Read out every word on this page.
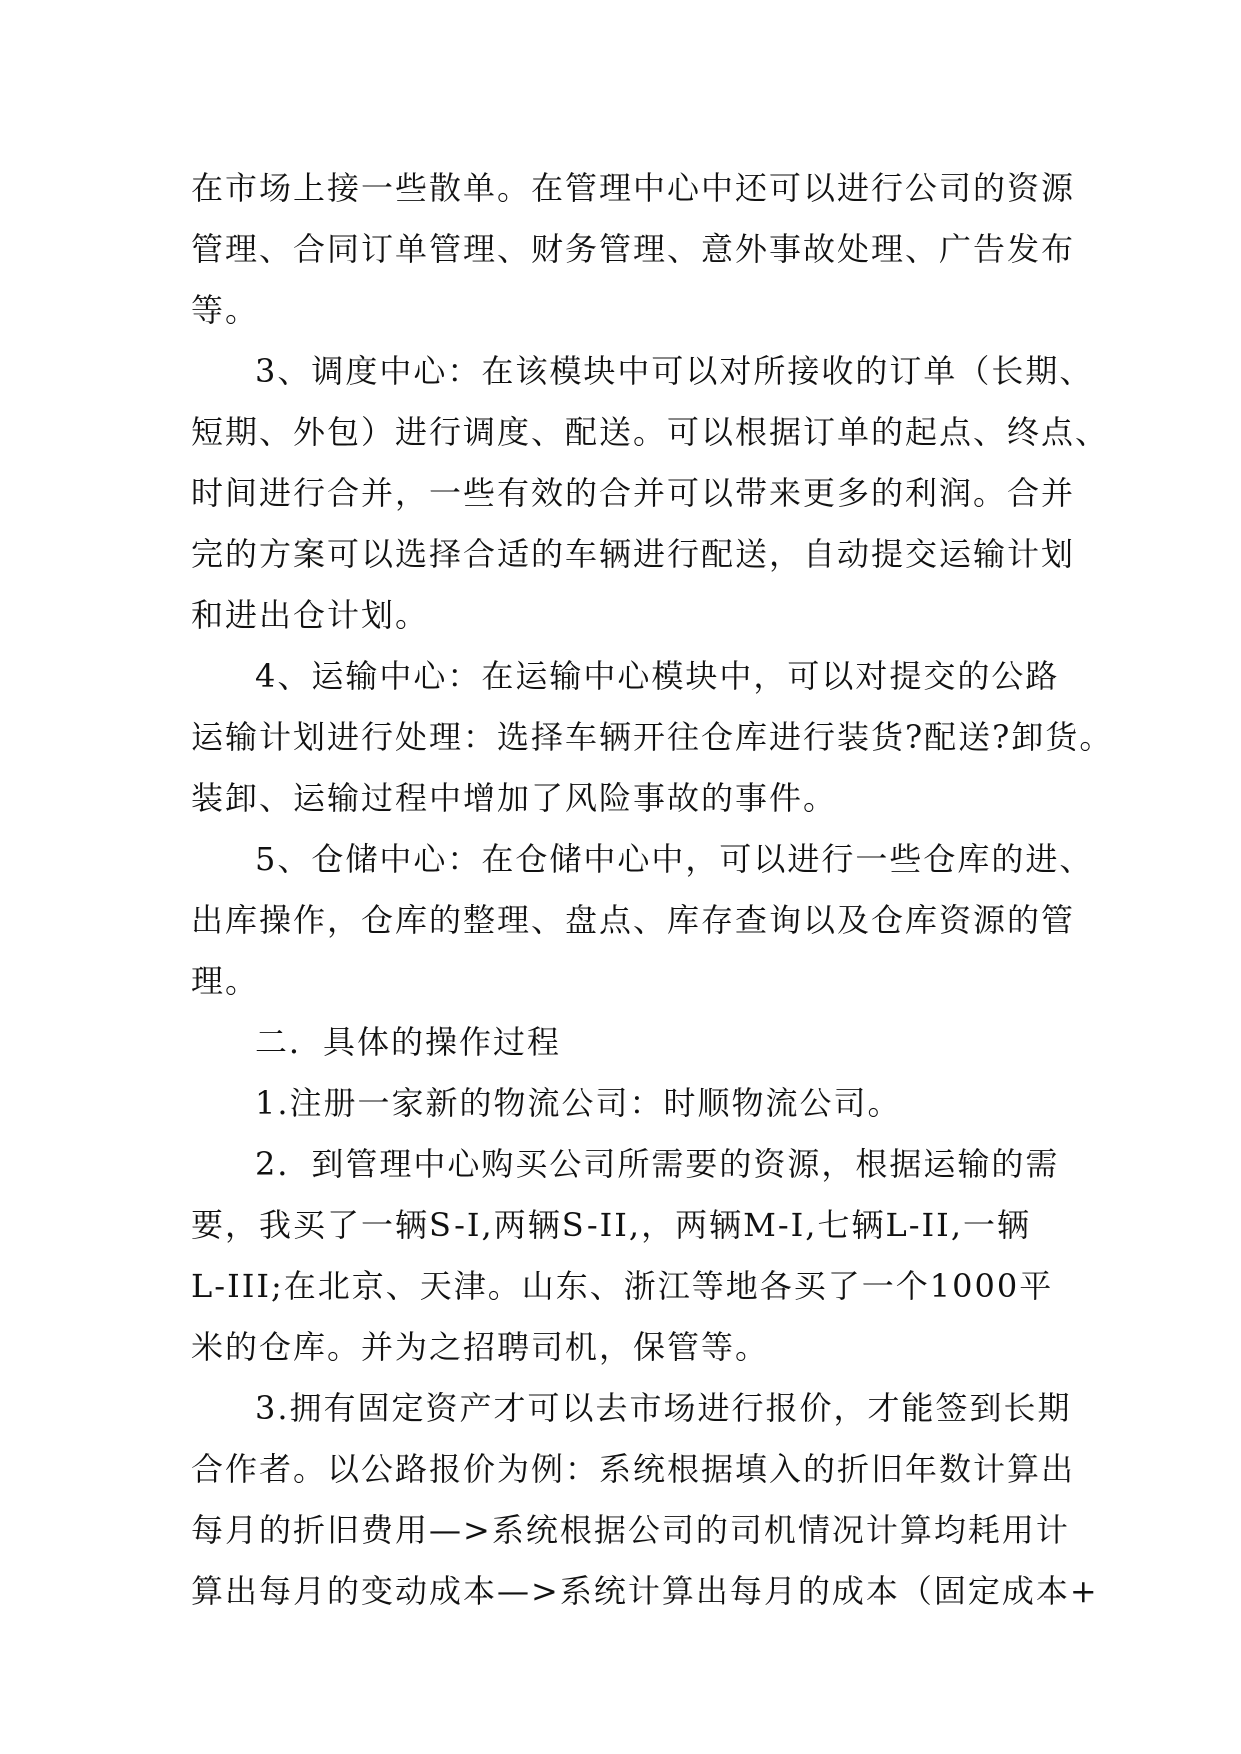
在市场上接一些散单。在管理中心中还可以进行公司的资源
管理、合同订单管理、财务管理、意外事故处理、广告发布
等。
3、调度中心：在该模块中可以对所接收的订单（长期、
短期、外包）进行调度、配送。可以根据订单的起点、终点、
时间进行合并，一些有效的合并可以带来更多的利润。合并
完的方案可以选择合适的车辆进行配送，自动提交运输计划
和进出仓计划。
4、运输中心：在运输中心模块中，可以对提交的公路
运输计划进行处理：选择车辆开往仓库进行装货?配送?卸货。
装卸、运输过程中增加了风险事故的事件。
5、仓储中心：在仓储中心中，可以进行一些仓库的进、
出库操作，仓库的整理、盘点、库存查询以及仓库资源的管
理。
二．具体的操作过程
1.注册一家新的物流公司：时顺物流公司。
2．到管理中心购买公司所需要的资源，根据运输的需
要，我买了一辆S-I,两辆S-II,，两辆M-I,七辆L-II,一辆
L-III;在北京、天津。山东、浙江等地各买了一个1000平
米的仓库。并为之招聘司机，保管等。
3.拥有固定资产才可以去市场进行报价，才能签到长期
合作者。以公路报价为例：系统根据填入的折旧年数计算出
每月的折旧费用—>系统根据公司的司机情况计算均耗用计
算出每月的变动成本—>系统计算出每月的成本（固定成本+
